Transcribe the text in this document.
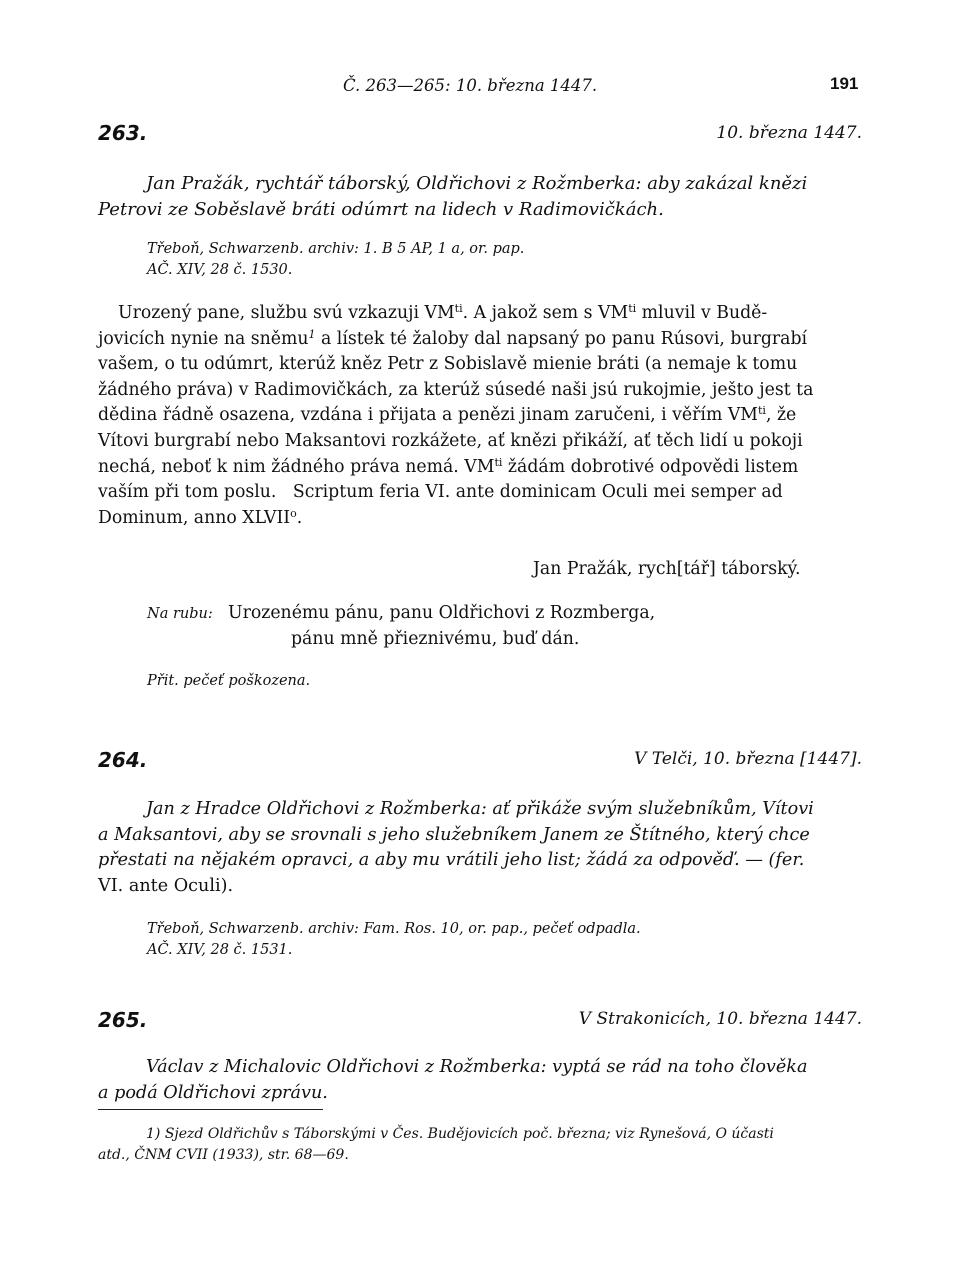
Č. 263—265: 10. března 1447.	191
263.	10. března 1447.
Jan Pražák, rychtář táborský, Oldřichovi z Rožmberka: aby zakázal knězi
Petrovi ze Soběslavě bráti odúmrt na lidech v Radimovičkách.
Třeboň, Schwarzenb. archiv: 1. B 5 AP, 1 a, or. pap.
AČ. XIV, 28 č. 1530.
Urozený pane, službu svú vzkazuji $VM^{ti}$. A jakož sem s $VM^{ti}$ mluvil v Budě-
jovicích nynie na sněmu$^1$ a lístek té žaloby dal napsaný po panu Rúsovi, burgrabí
vašem, o tu odúmrt, kterúž kněz Petr z Sobislavě mienie bráti (a nemaje k tomu
žádného práva) v Radimovičkách, za kterúž súsedé naši jsú rukojmie, ješto jest ta
dědina řádně osazena, vzdána i přijata a penězi jinam zaručeni, i věřím $VM^{ti}$, že
Vítovi burgrabí nebo Maksantovi rozkážete, ať knězi přikáží, ať těch lidí u pokoji
nechá, neboť k nim žádného práva nemá. $VM^{ti}$ žádám dobrotivé odpovědi listem
vaším při tom poslu.   Scriptum feria VI. ante dominicam Oculi mei semper ad
Dominum, anno XLVII$^o$.
Jan Pražák, rych[tář] táborský.
Na rubu: Urozenému pánu, panu Oldřichovi z Rozmberga,
pánu mně přieznivému, buď dán.
Přit. pečeť poškozena.
264.	V Telči, 10. března [1447].
Jan z Hradce Oldřichovi z Rožmberka: ať přikáže svým služebníkům, Vítovi
a Maksantovi, aby se srovnali s jeho služebníkem Janem ze Štítného, který chce
přestati na nějakém opravci, a aby mu vrátili jeho list; žádá za odpověď. — (fer.
VI. ante Oculi).
Třeboň, Schwarzenb. archiv: Fam. Ros. 10, or. pap., pečeť odpadla.
AČ. XIV, 28 č. 1531.
265.	V Strakonicích, 10. března 1447.
Václav z Michalovic Oldřichovi z Rožmberka: vyptá se rád na toho člověka
a podá Oldřichovi zprávu.
1) Sjezd Oldřichův s Táborskými v Čes. Budějovicích poč. března; viz Rynešová, O účasti
atd., ČNM CVII (1933), str. 68—69.
